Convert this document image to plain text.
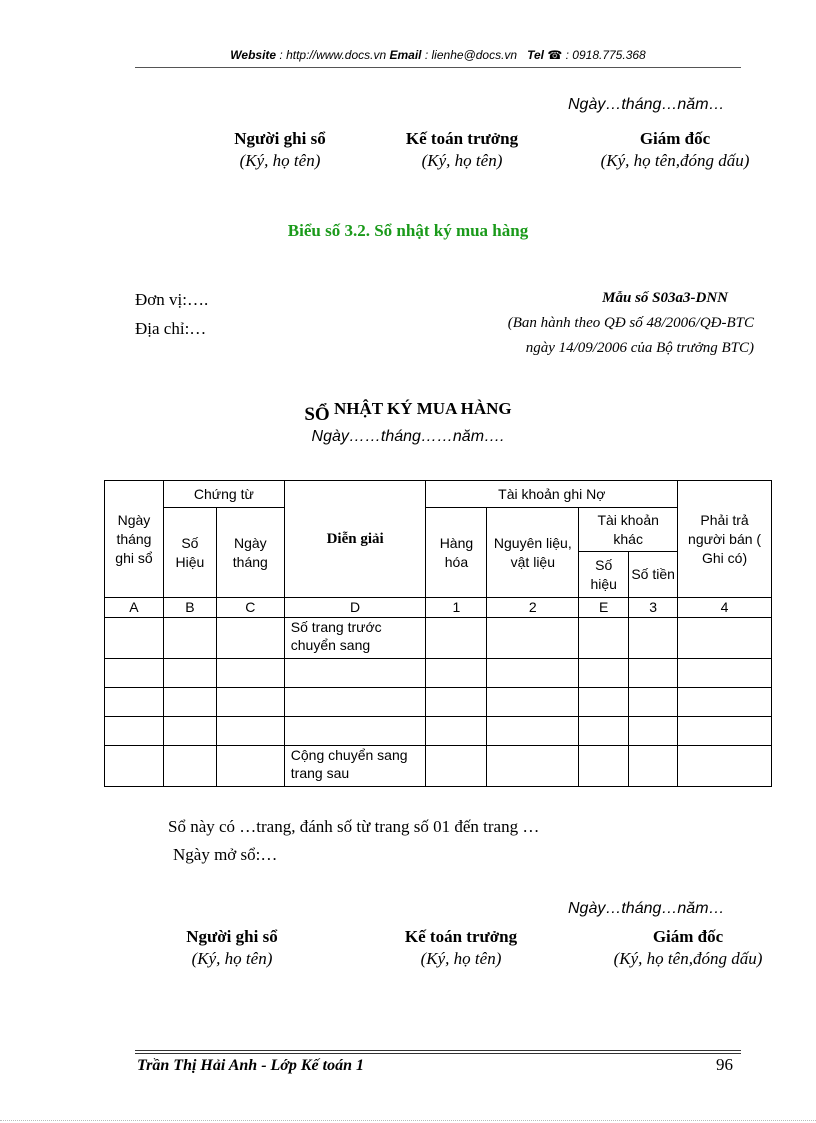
Website : http://www.docs.vn Email : lienhe@docs.vn Tel ☎ : 0918.775.368
Ngày…tháng…năm…
Người ghi sổ
(Ký, họ tên)
Kế toán trưởng
(Ký, họ tên)
Giám đốc
(Ký, họ tên,đóng dấu)
Biểu số 3.2. Sổ nhật ký mua hàng
Đơn vị:….
Địa chỉ:…
Mẫu số S03a3-DNN
(Ban hành theo QĐ số 48/2006/QĐ-BTC
ngày 14/09/2006 của Bộ trưởng BTC)
SỔ NHẬT KÝ MUA HÀNG
Ngày……tháng……năm….
Ngày tháng ghi sổ	Chứng từ		Diễn giải	Tài khoản ghi Nợ				Phải trả người bán ( Ghi có)
	Số Hiệu	Ngày tháng		Hàng hóa	Nguyên liệu, vật liệu	Tài khoản khác		
						Số hiệu	Số tiền	
A	B	C	D	1	2	E	3	4
			Số trang trước chuyển sang					

			Cộng chuyển sang trang sau					
Sổ này có …trang, đánh số từ trang số 01 đến trang …
Ngày mở sổ:…
Ngày…tháng…năm…
Người ghi sổ
(Ký, họ tên)
Kế toán trưởng
(Ký, họ tên)
Giám đốc
(Ký, họ tên,đóng dấu)
Trần Thị Hải Anh - Lớp Kế toán 1	96
